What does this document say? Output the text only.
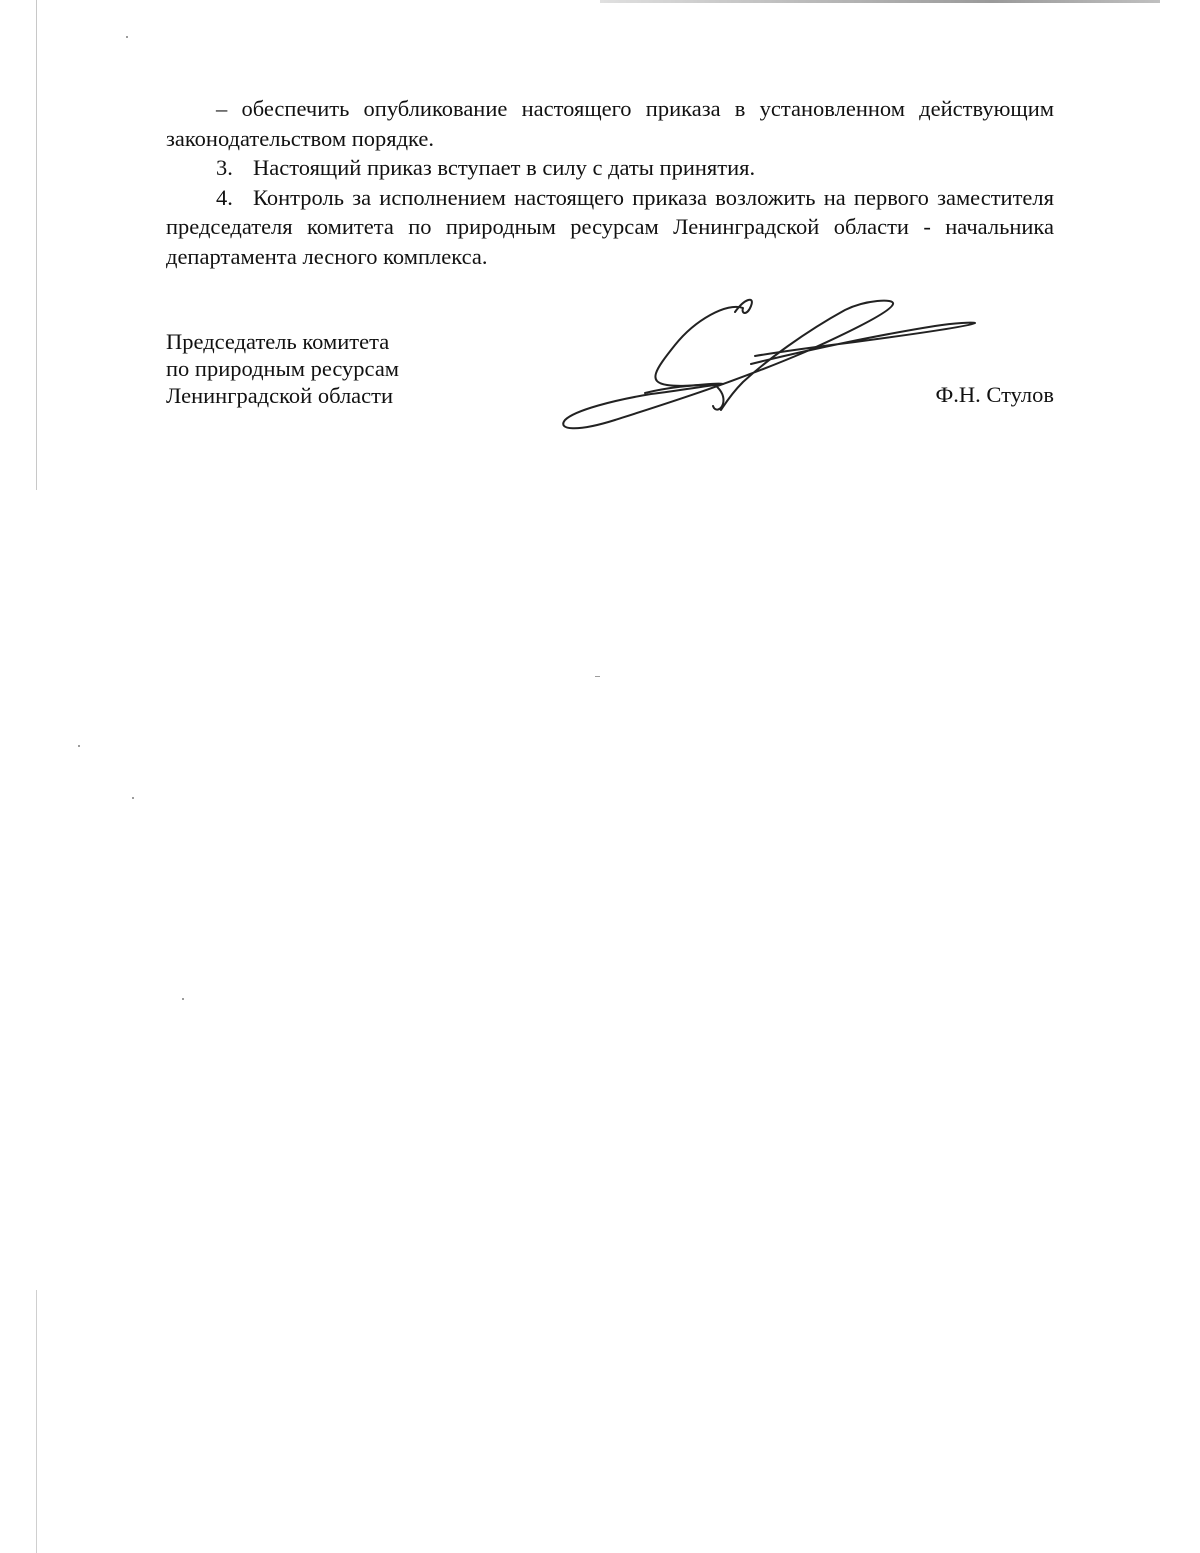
– обеспечить опубликование настоящего приказа в установленном действующим законодательством порядке.

3. Настоящий приказ вступает в силу с даты принятия.

4. Контроль за исполнением настоящего приказа возложить на первого заместителя председателя комитета по природным ресурсам Ленинградской области - начальника департамента лесного комплекса.

Председатель комитета
по природным ресурсам
Ленинградской области	Ф.Н. Стулов
